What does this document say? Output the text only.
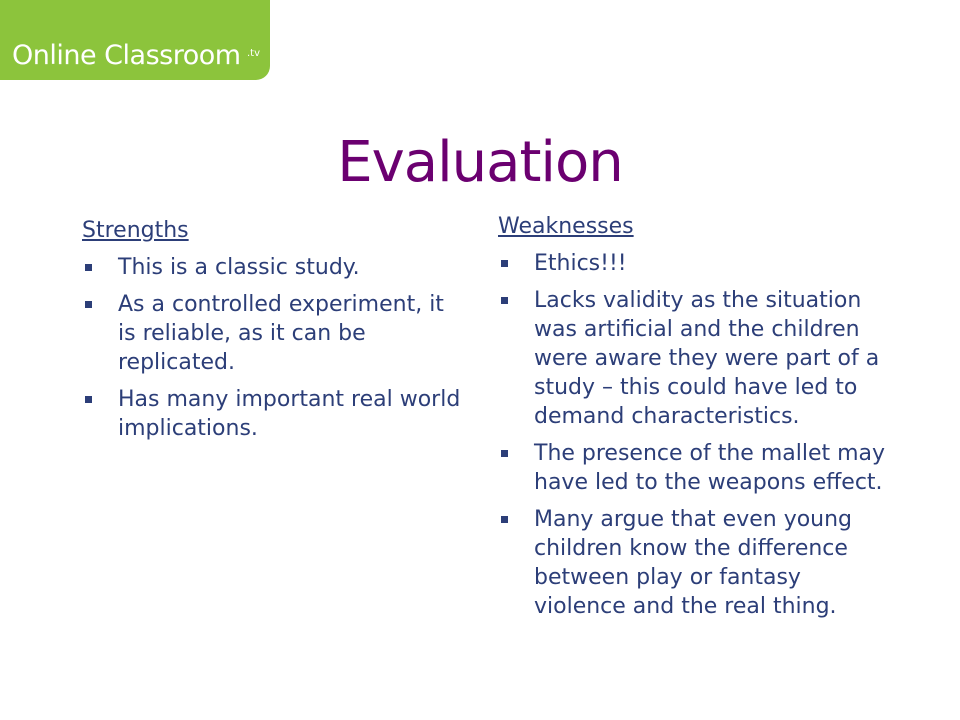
Online Classroom .tv
Evaluation
Strengths
This is a classic study.
As a controlled experiment, it is reliable, as it can be replicated.
Has many important real world implications.
Weaknesses
Ethics!!!
Lacks validity as the situation was artificial and the children were aware they were part of a study – this could have led to demand characteristics.
The presence of the mallet may have led to the weapons effect.
Many argue that even young children know the difference between play or fantasy violence and the real thing.
